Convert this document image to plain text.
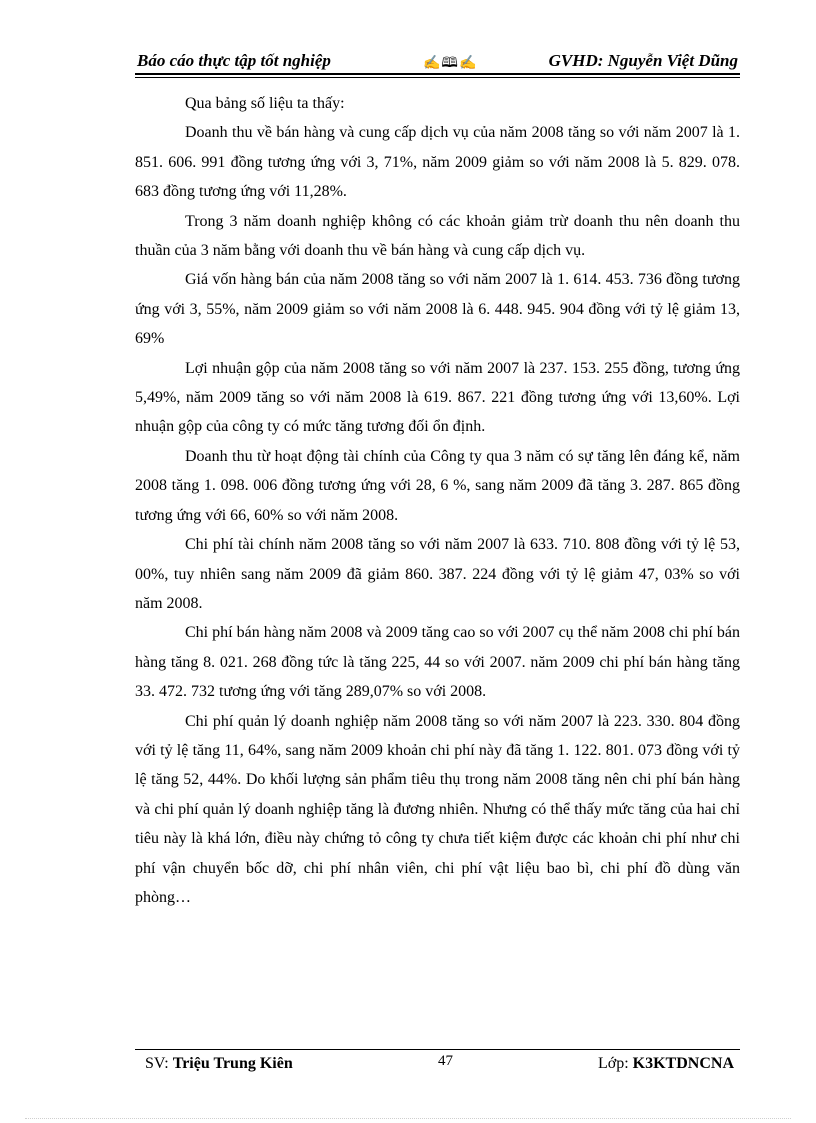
Báo cáo thực tập tốt nghiệp	✍🕮✍	GVHD: Nguyễn Việt Dũng

Qua bảng số liệu ta thấy:

Doanh thu về bán hàng và cung cấp dịch vụ của năm 2008 tăng so với năm 2007 là 1. 851. 606. 991 đồng tương ứng với 3, 71%, năm 2009 giảm so với năm 2008 là 5. 829. 078. 683 đồng tương ứng với 11,28%.

Trong 3 năm doanh nghiệp không có các khoản giảm trừ doanh thu nên doanh thu thuần của 3 năm bằng với doanh thu về bán hàng và cung cấp dịch vụ.

Giá vốn hàng bán của năm 2008 tăng so với năm 2007 là 1. 614. 453. 736 đồng tương ứng với 3, 55%, năm 2009 giảm so với năm 2008 là 6. 448. 945. 904 đồng với tỷ lệ giảm 13, 69%

Lợi nhuận gộp của năm 2008 tăng so với năm 2007 là 237. 153. 255 đồng, tương ứng 5,49%, năm 2009 tăng so với năm 2008 là 619. 867. 221 đồng tương ứng với 13,60%. Lợi nhuận gộp của công ty có mức tăng tương đối ổn định.

Doanh thu từ hoạt động tài chính của Công ty qua 3 năm có sự tăng lên đáng kể, năm 2008 tăng 1. 098. 006 đồng tương ứng với 28, 6 %, sang năm 2009 đã tăng 3. 287. 865 đồng tương ứng với 66, 60% so với năm 2008.

Chi phí tài chính năm 2008 tăng so với năm 2007 là 633. 710. 808 đồng với tỷ lệ 53, 00%, tuy nhiên sang năm 2009 đã giảm 860. 387. 224 đồng với tỷ lệ giảm 47, 03% so với năm 2008.

Chi phí bán hàng năm 2008 và 2009 tăng cao so với 2007 cụ thể năm 2008 chi phí bán hàng tăng 8. 021. 268 đồng tức là tăng 225, 44 so với 2007. năm 2009 chi phí bán hàng tăng 33. 472. 732 tương ứng với tăng 289,07% so với 2008.

Chi phí quản lý doanh nghiệp năm 2008 tăng so với năm 2007 là 223. 330. 804 đồng với tỷ lệ tăng 11, 64%, sang năm 2009 khoản chi phí này đã tăng 1. 122. 801. 073 đồng với tỷ lệ tăng 52, 44%. Do khối lượng sản phẩm tiêu thụ trong năm 2008 tăng nên chi phí bán hàng và chi phí quản lý doanh nghiệp tăng là đương nhiên. Nhưng có thể thấy mức tăng của hai chỉ tiêu này là khá lớn, điều này chứng tỏ công ty chưa tiết kiệm được các khoản chi phí như chi phí vận chuyển bốc dỡ, chi phí nhân viên, chi phí vật liệu bao bì, chi phí đồ dùng văn phòng…

SV: Triệu Trung Kiên	47	Lớp: K3KTDNCNA
